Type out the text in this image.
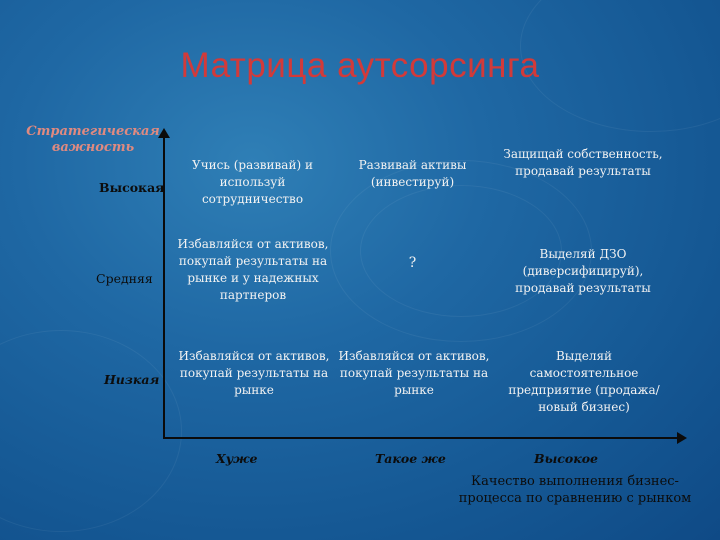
Матрица аутсорсинга
Стратегическая важность
Высокая
Средняя
Низкая
Учись (развивай) и используй сотрудничество
Развивай активы (инвестируй)
Защищай собственность, продавай результаты
Избавляйся от активов, покупай результаты на рынке и у надежных партнеров
?
Выделяй ДЗО (диверсифицируй), продавай результаты
Избавляйся от активов, покупай результаты на рынке
Избавляйся от активов, покупай результаты на рынке
Выделяй самостоятельное предприятие (продажа/новый бизнес)
Хуже	Такое же	Высокое
Качество выполнения бизнес-процесса по сравнению с рынком
